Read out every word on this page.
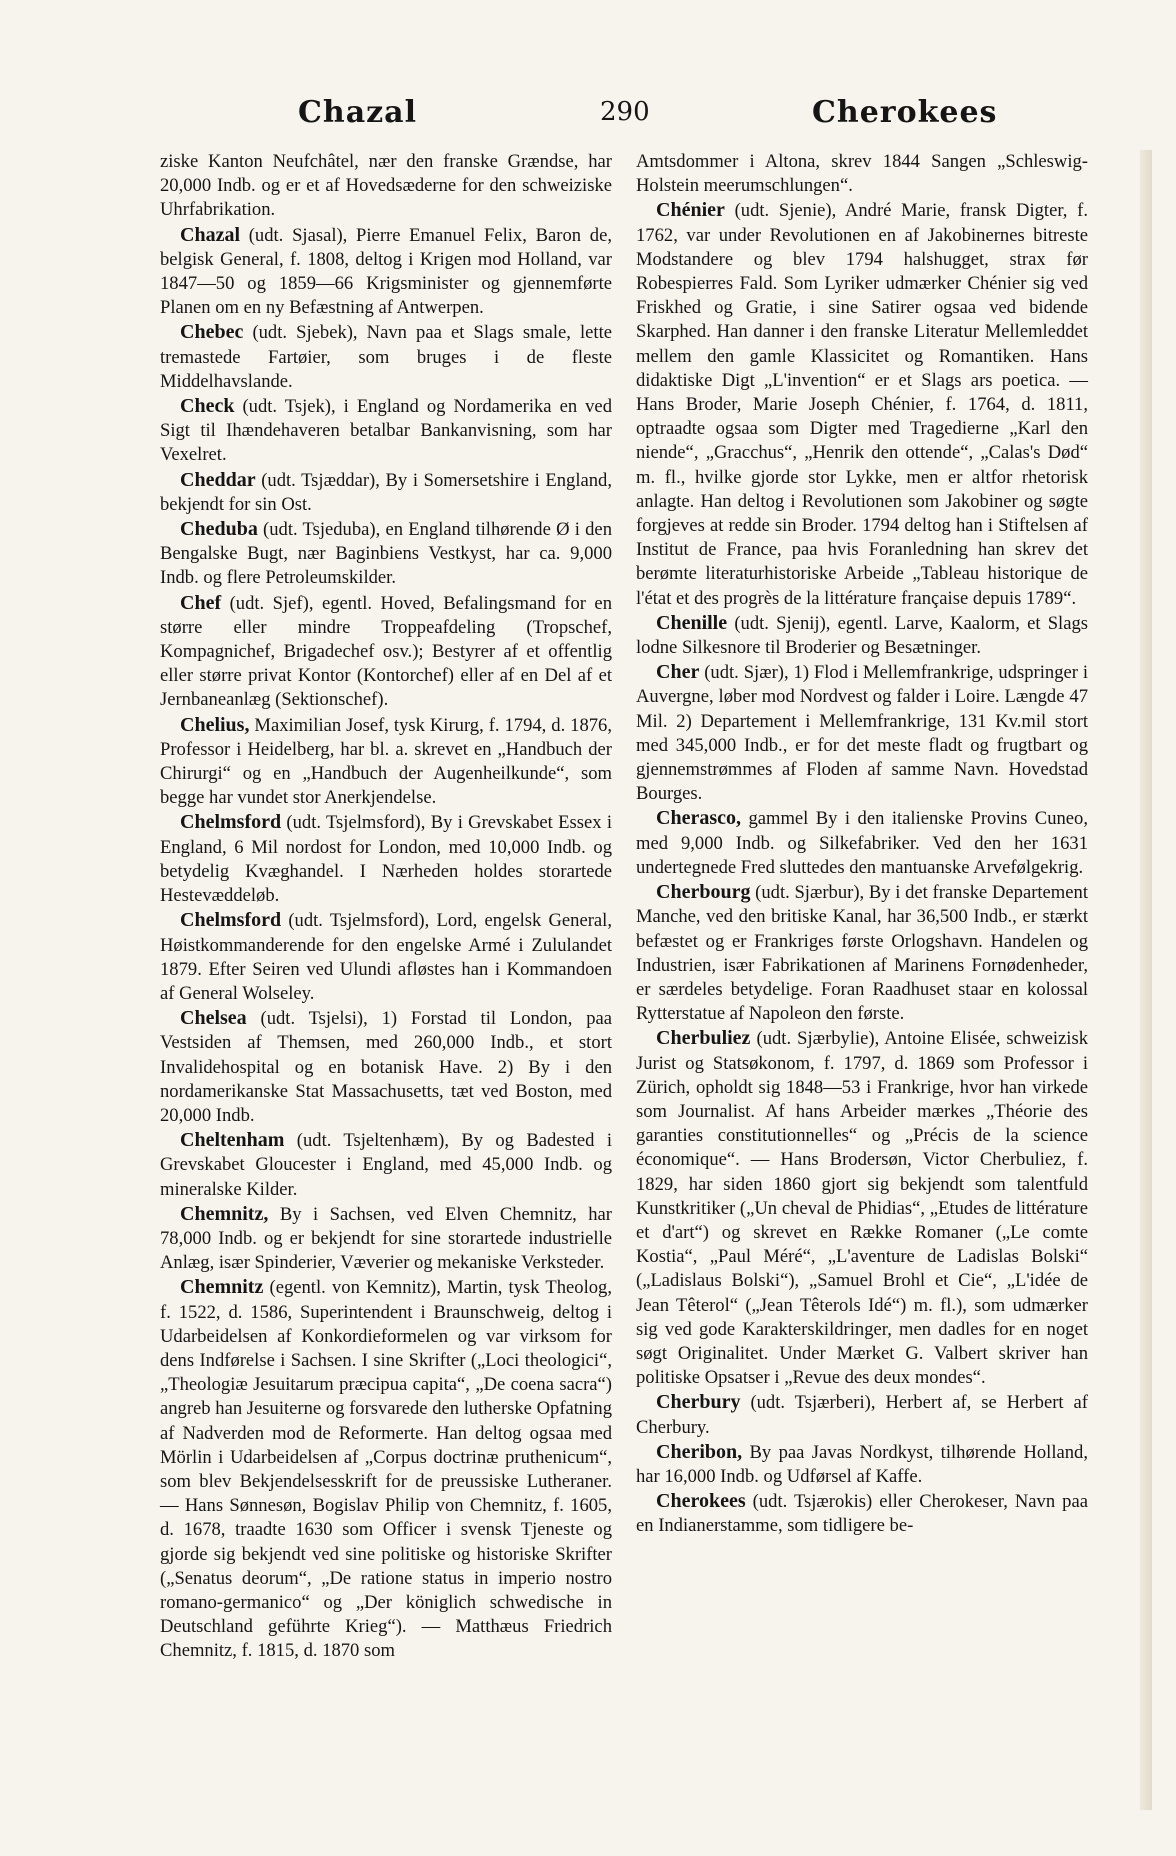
Chazal	290	Cherokees

ziske Kanton Neufchâtel, nær den franske Grændse, har 20,000 Indb. og er et af Hovedsæderne for den schweiziske Uhrfabrikation.

Chazal (udt. Sjasal), Pierre Emanuel Felix, Baron de, belgisk General, f. 1808, deltog i Krigen mod Holland, var 1847—50 og 1859—66 Krigsminister og gjennemførte Planen om en ny Befæstning af Antwerpen.

Chebec (udt. Sjebek), Navn paa et Slags smale, lette tremastede Fartøier, som bruges i de fleste Middelhavslande.

Check (udt. Tsjek), i England og Nordamerika en ved Sigt til Ihændehaveren betalbar Bankanvisning, som har Vexelret.

Cheddar (udt. Tsjæddar), By i Somersetshire i England, bekjendt for sin Ost.

Cheduba (udt. Tsjeduba), en England tilhørende Ø i den Bengalske Bugt, nær Baginbiens Vestkyst, har ca. 9,000 Indb. og flere Petroleumskilder.

Chef (udt. Sjef), egentl. Hoved, Befalingsmand for en større eller mindre Troppeafdeling (Tropschef, Kompagnichef, Brigadechef osv.); Bestyrer af et offentlig eller større privat Kontor (Kontorchef) eller af en Del af et Jernbaneanlæg (Sektionschef).

Chelius, Maximilian Josef, tysk Kirurg, f. 1794, d. 1876, Professor i Heidelberg, har bl. a. skrevet en „Handbuch der Chirurgi“ og en „Handbuch der Augenheilkunde“, som begge har vundet stor Anerkjendelse.

Chelmsford (udt. Tsjelmsford), By i Grevskabet Essex i England, 6 Mil nordost for London, med 10,000 Indb. og betydelig Kvæghandel. I Nærheden holdes storartede Hestevæddeløb.

Chelmsford (udt. Tsjelmsford), Lord, engelsk General, Høistkommanderende for den engelske Armé i Zululandet 1879. Efter Seiren ved Ulundi afløstes han i Kommandoen af General Wolseley.

Chelsea (udt. Tsjelsi), 1) Forstad til London, paa Vestsiden af Themsen, med 260,000 Indb., et stort Invalidehospital og en botanisk Have. 2) By i den nordamerikanske Stat Massachusetts, tæt ved Boston, med 20,000 Indb.

Cheltenham (udt. Tsjeltenhæm), By og Badested i Grevskabet Gloucester i England, med 45,000 Indb. og mineralske Kilder.

Chemnitz, By i Sachsen, ved Elven Chemnitz, har 78,000 Indb. og er bekjendt for sine storartede industrielle Anlæg, især Spinderier, Væverier og mekaniske Verksteder.

Chemnitz (egentl. von Kemnitz), Martin, tysk Theolog, f. 1522, d. 1586, Superintendent i Braunschweig, deltog i Udarbeidelsen af Konkordieformelen og var virksom for dens Indførelse i Sachsen. I sine Skrifter („Loci theologici“, „Theologiæ Jesuitarum præcipua capita“, „De coena sacra“) angreb han Jesuiterne og forsvarede den lutherske Opfatning af Nadverden mod de Reformerte. Han deltog ogsaa med Mörlin i Udarbeidelsen af „Corpus doctrinæ pruthenicum“, som blev Bekjendelsesskrift for de preussiske Lutheraner. — Hans Sønnesøn, Bogislav Philip von Chemnitz, f. 1605, d. 1678, traadte 1630 som Officer i svensk Tjeneste og gjorde sig bekjendt ved sine politiske og historiske Skrifter („Senatus deorum“, „De ratione status in imperio nostro romano-germanico“ og „Der königlich schwedische in Deutschland geführte Krieg“). — Matthæus Friedrich Chemnitz, f. 1815, d. 1870 som

Amtsdommer i Altona, skrev 1844 Sangen „Schleswig-Holstein meerumschlungen“.

Chénier (udt. Sjenie), André Marie, fransk Digter, f. 1762, var under Revolutionen en af Jakobinernes bitreste Modstandere og blev 1794 halshugget, strax før Robespierres Fald. Som Lyriker udmærker Chénier sig ved Friskhed og Gratie, i sine Satirer ogsaa ved bidende Skarphed. Han danner i den franske Literatur Mellemleddet mellem den gamle Klassicitet og Romantiken. Hans didaktiske Digt „L'invention“ er et Slags ars poetica. — Hans Broder, Marie Joseph Chénier, f. 1764, d. 1811, optraadte ogsaa som Digter med Tragedierne „Karl den niende“, „Gracchus“, „Henrik den ottende“, „Calas's Død“ m. fl., hvilke gjorde stor Lykke, men er altfor rhetorisk anlagte. Han deltog i Revolutionen som Jakobiner og søgte forgjeves at redde sin Broder. 1794 deltog han i Stiftelsen af Institut de France, paa hvis Foranledning han skrev det berømte literaturhistoriske Arbeide „Tableau historique de l'état et des progrès de la littérature française depuis 1789“.

Chenille (udt. Sjenij), egentl. Larve, Kaalorm, et Slags lodne Silkesnore til Broderier og Besætninger.

Cher (udt. Sjær), 1) Flod i Mellemfrankrige, udspringer i Auvergne, løber mod Nordvest og falder i Loire. Længde 47 Mil. 2) Departement i Mellemfrankrige, 131 Kv.mil stort med 345,000 Indb., er for det meste fladt og frugtbart og gjennemstrømmes af Floden af samme Navn. Hovedstad Bourges.

Cherasco, gammel By i den italienske Provins Cuneo, med 9,000 Indb. og Silkefabriker. Ved den her 1631 undertegnede Fred sluttedes den mantuanske Arvefølgekrig.

Cherbourg (udt. Sjærbur), By i det franske Departement Manche, ved den britiske Kanal, har 36,500 Indb., er stærkt befæstet og er Frankriges første Orlogshavn. Handelen og Industrien, især Fabrikationen af Marinens Fornødenheder, er særdeles betydelige. Foran Raadhuset staar en kolossal Rytterstatue af Napoleon den første.

Cherbuliez (udt. Sjærbylie), Antoine Elisée, schweizisk Jurist og Statsøkonom, f. 1797, d. 1869 som Professor i Zürich, opholdt sig 1848—53 i Frankrige, hvor han virkede som Journalist. Af hans Arbeider mærkes „Théorie des garanties constitutionnelles“ og „Précis de la science économique“. — Hans Brodersøn, Victor Cherbuliez, f. 1829, har siden 1860 gjort sig bekjendt som talentfuld Kunstkritiker („Un cheval de Phidias“, „Etudes de littérature et d'art“) og skrevet en Række Romaner („Le comte Kostia“, „Paul Méré“, „L'aventure de Ladislas Bolski“ („Ladislaus Bolski“), „Samuel Brohl et Cie“, „L'idée de Jean Têterol“ („Jean Têterols Idé“) m. fl.), som udmærker sig ved gode Karakterskildringer, men dadles for en noget søgt Originalitet. Under Mærket G. Valbert skriver han politiske Opsatser i „Revue des deux mondes“.

Cherbury (udt. Tsjærberi), Herbert af, se Herbert af Cherbury.

Cheribon, By paa Javas Nordkyst, tilhørende Holland, har 16,000 Indb. og Udførsel af Kaffe.

Cherokees (udt. Tsjærokis) eller Cherokeser, Navn paa en Indianerstamme, som tidligere be-
